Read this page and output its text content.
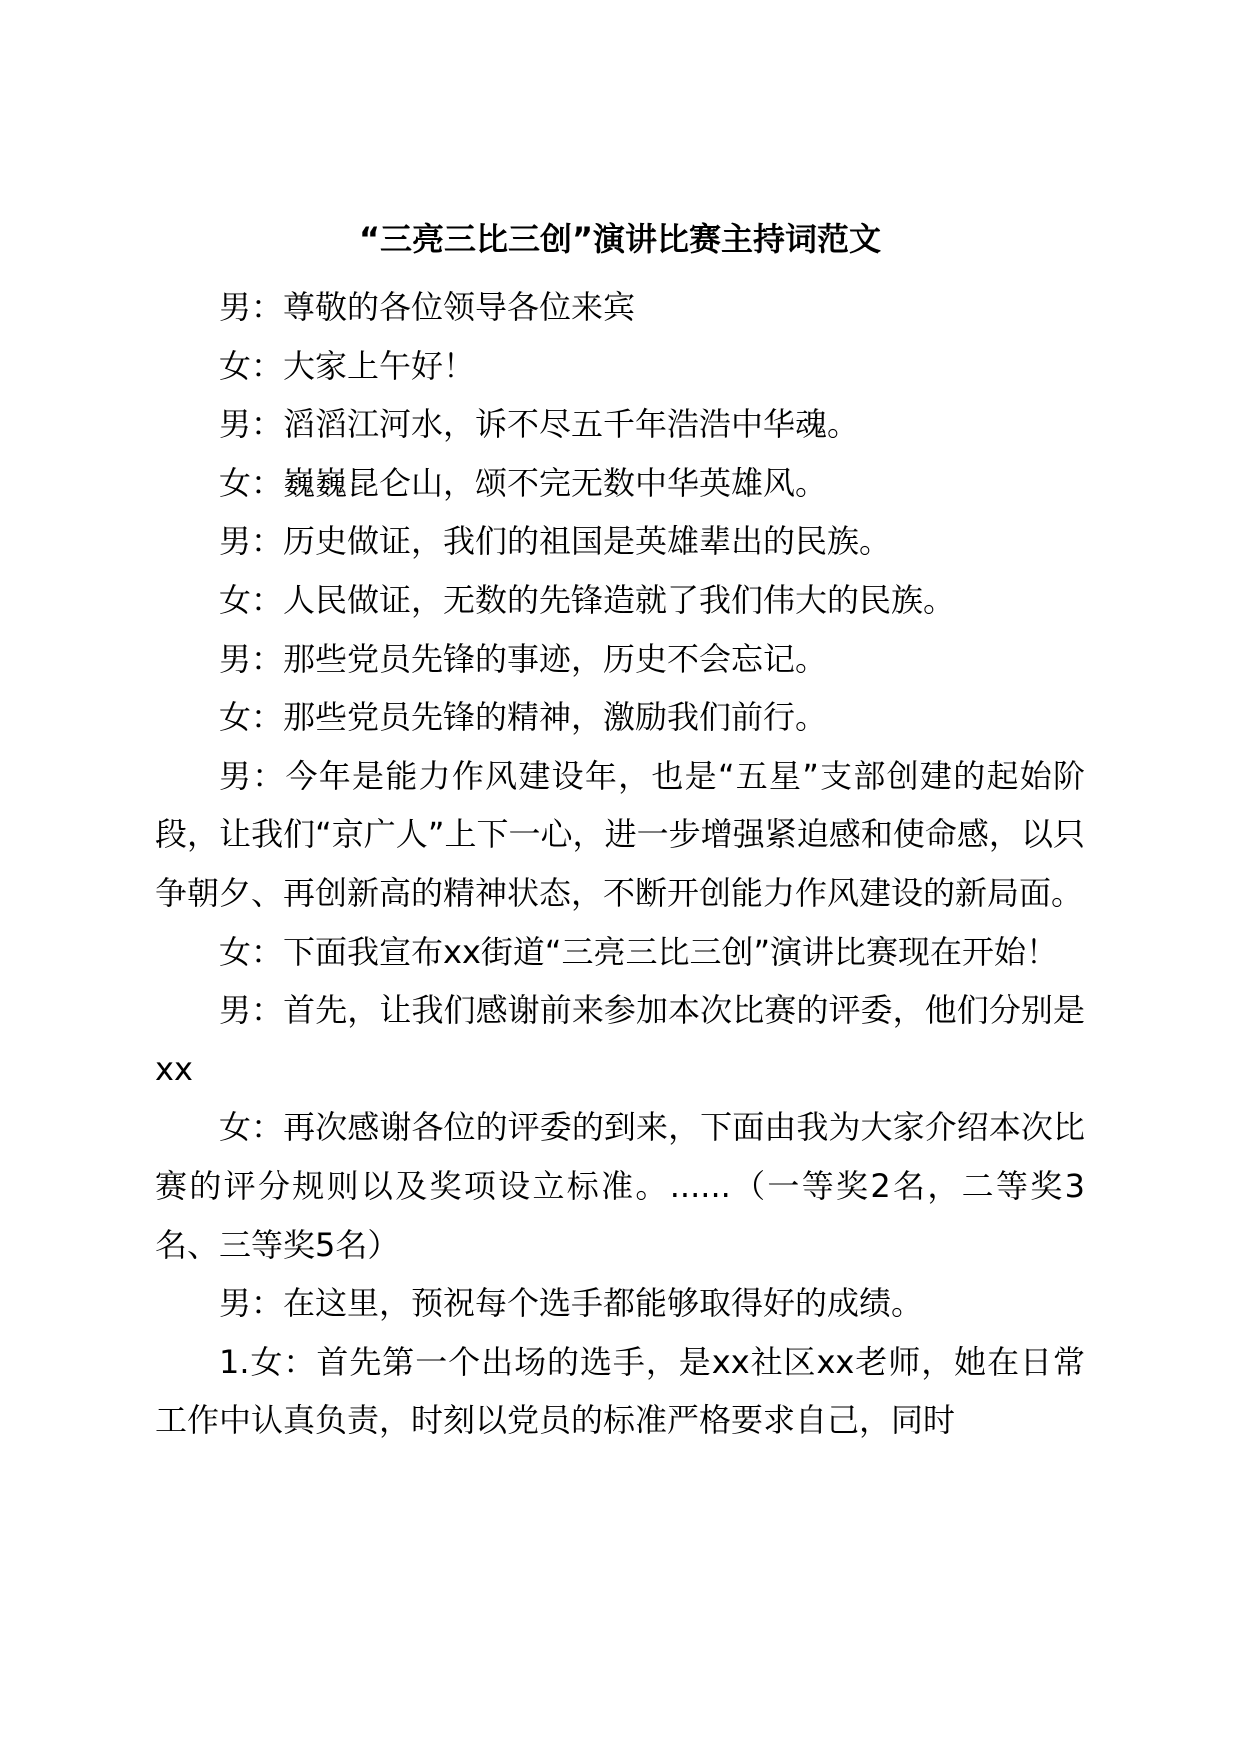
“三亮三比三创”演讲比赛主持词范文

男：尊敬的各位领导各位来宾

女：大家上午好！

男：滔滔江河水，诉不尽五千年浩浩中华魂。

女：巍巍昆仑山，颂不完无数中华英雄风。

男：历史做证，我们的祖国是英雄辈出的民族。

女：人民做证，无数的先锋造就了我们伟大的民族。

男：那些党员先锋的事迹，历史不会忘记。

女：那些党员先锋的精神，激励我们前行。

男：今年是能力作风建设年，也是“五星”支部创建的起始阶段，让我们“京广人”上下一心，进一步增强紧迫感和使命感，以只争朝夕、再创新高的精神状态，不断开创能力作风建设的新局面。

女：下面我宣布xx街道“三亮三比三创”演讲比赛现在开始！

男：首先，让我们感谢前来参加本次比赛的评委，他们分别是xx

女：再次感谢各位的评委的到来，下面由我为大家介绍本次比赛的评分规则以及奖项设立标准。......（一等奖2名，二等奖3名、三等奖5名）

男：在这里，预祝每个选手都能够取得好的成绩。

1.女：首先第一个出场的选手，是xx社区xx老师，她在日常工作中认真负责，时刻以党员的标准严格要求自己，同时
